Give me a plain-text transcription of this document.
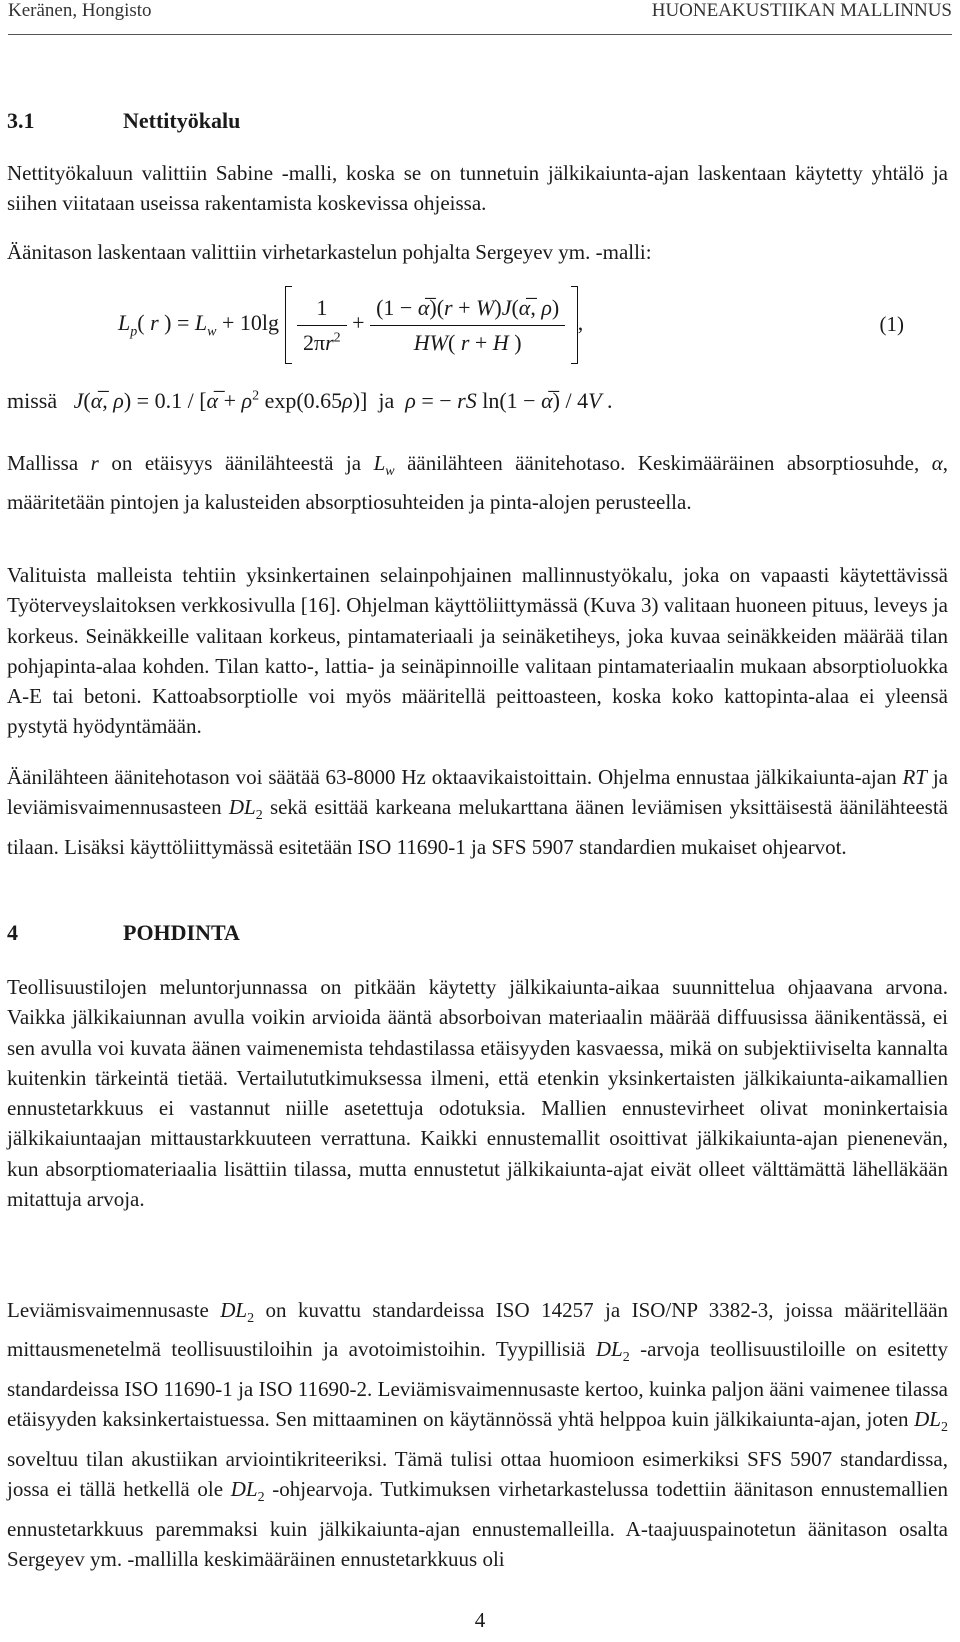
Keränen, Hongisto	HUONEAKUSTIIKAN MALLINNUS
3.1	Nettityökalu

Nettityökaluun valittiin Sabine -malli, koska se on tunnetuin jälkikaiunta-ajan laskentaan käytetty yhtälö ja siihen viitataan useissa rakentamista koskevissa ohjeissa.

Äänitason laskentaan valittiin virhetarkastelun pohjalta Sergeyev ym. -malli:

$L_p$( r ) = $L_w + 10\lg \frac{1}{2\pi r^2} + \frac{(1 - \alpha̅)(r + W)J(\alpha̅, \rho)}{HW( r + H )}$ ,	(1)
missä J(α̅, ρ) = 0.1 / [α̅ + $\rho^2$ exp(0.65ρ)]  ja ρ = − rS ln(1 − α̅) / 4V .

Mallissa r on etäisyys äänilähteestä ja $L_w$ äänilähteen äänitehotaso. Keskimääräinen absorptiosuhde, α, määritetään pintojen ja kalusteiden absorptiosuhteiden ja pinta-alojen perusteella.

Valituista malleista tehtiin yksinkertainen selainpohjainen mallinnustyökalu, joka on vapaasti käytettävissä Työterveyslaitoksen verkkosivulla [16]. Ohjelman käyttöliittymässä (Kuva 3) valitaan huoneen pituus, leveys ja korkeus. Seinäkkeille valitaan korkeus, pintamateriaali ja seinäketiheys, joka kuvaa seinäkkeiden määrää tilan pohjapinta-alaa kohden. Tilan katto-, lattia- ja seinäpinnoille valitaan pintamateriaalin mukaan absorptioluokka A-E tai betoni. Kattoabsorptiolle voi myös määritellä peittoasteen, koska koko kattopinta-alaa ei yleensä pystytä hyödyntämään.

Äänilähteen äänitehotason voi säätää 63-8000 Hz oktaavikaistoittain. Ohjelma ennustaa jälkikaiunta-ajan RT ja leviämisvaimennusasteen $DL_2$ sekä esittää karkeana melukarttana äänen leviämisen yksittäisestä äänilähteestä tilaan. Lisäksi käyttöliittymässä esitetään ISO 11690-1 ja SFS 5907 standardien mukaiset ohjearvot.

4	POHDINTA

Teollisuustilojen meluntorjunnassa on pitkään käytetty jälkikaiunta-aikaa suunnittelua ohjaavana arvona. Vaikka jälkikaiunnan avulla voikin arvioida ääntä absorboivan materiaalin määrää diffuusissa äänikentässä, ei sen avulla voi kuvata äänen vaimenemista tehdastilassa etäisyyden kasvaessa, mikä on subjektiiviselta kannalta kuitenkin tärkeintä tietää. Vertailututkimuksessa ilmeni, että etenkin yksinkertaisten jälkikaiunta-aikamallien ennustetarkkuus ei vastannut niille asetettuja odotuksia. Mallien ennustevirheet olivat moninkertaisia jälkikaiuntaajan mittaustarkkuuteen verrattuna. Kaikki ennustemallit osoittivat jälkikaiunta-ajan pienenevän, kun absorptiomateriaalia lisättiin tilassa, mutta ennustetut jälkikaiunta-ajat eivät olleet välttämättä lähelläkään mitattuja arvoja.

Leviämisvaimennusaste $DL_2$ on kuvattu standardeissa ISO 14257 ja ISO/NP 3382-3, joissa määritellään mittausmenetelmä teollisuustiloihin ja avotoimistoihin. Tyypillisiä $DL_2$ -arvoja teollisuustiloille on esitetty standardeissa ISO 11690-1 ja ISO 11690-2. Leviämisvaimennusaste kertoo, kuinka paljon ääni vaimenee tilassa etäisyyden kaksinkertaistuessa. Sen mittaaminen on käytännössä yhtä helppoa kuin jälkikaiunta-ajan, joten $DL_2$ soveltuu tilan akustiikan arviointikriteeriksi. Tämä tulisi ottaa huomioon esimerkiksi SFS 5907 standardissa, jossa ei tällä hetkellä ole $DL_2$ -ohjearvoja. Tutkimuksen virhetarkastelussa todettiin äänitason ennustemallien ennustetarkkuus paremmaksi kuin jälkikaiunta-ajan ennustemalleilla. A-taajuuspainotetun äänitason osalta Sergeyev ym. -mallilla keskimääräinen ennustetarkkuus oli

4
